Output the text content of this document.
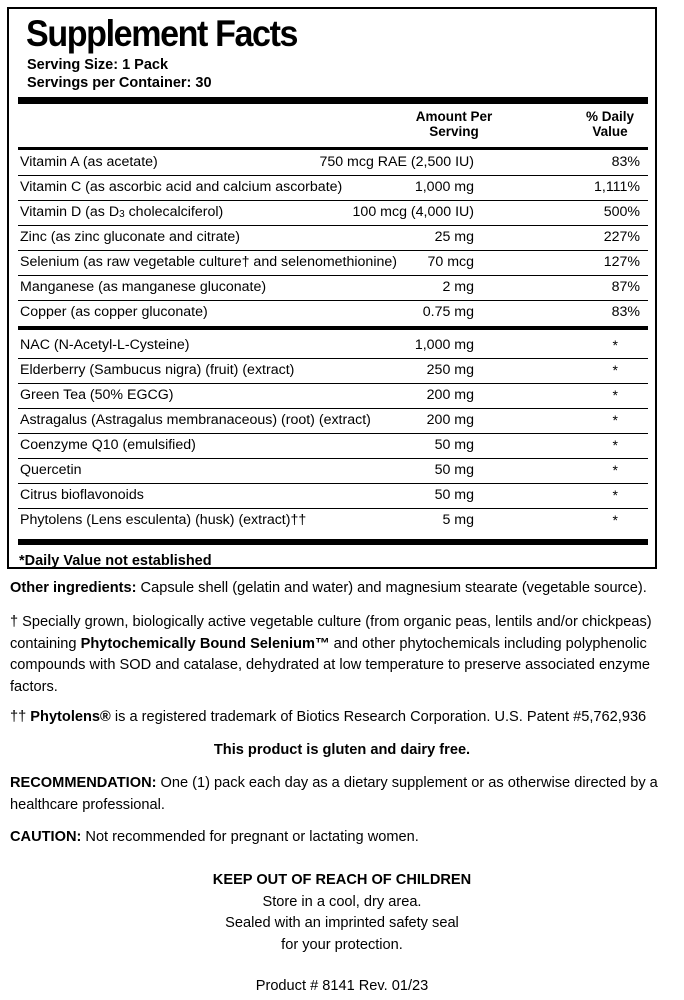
Supplement Facts
Serving Size: 1 Pack
Servings per Container: 30
Amount Per
Serving
% Daily
Value
Vitamin A (as acetate)	750 mcg RAE (2,500 IU)	83%
Vitamin C (as ascorbic acid and calcium ascorbate)	1,000 mg	1,111%
Vitamin D (as D3 cholecalciferol)	100 mcg (4,000 IU)	500%
Zinc (as zinc gluconate and citrate)	25 mg	227%
Selenium (as raw vegetable culture† and selenomethionine) 70 mcg	127%
Manganese (as manganese gluconate)	2 mg	87%
Copper (as copper gluconate)	0.75 mg	83%
NAC (N-Acetyl-L-Cysteine)	1,000 mg	*
Elderberry (Sambucus nigra) (fruit) (extract)	250 mg	*
Green Tea (50% EGCG)	200 mg	*
Astragalus (Astragalus membranaceous) (root) (extract)	200 mg	*
Coenzyme Q10 (emulsified)	50 mg	*
Quercetin	50 mg	*
Citrus bioflavonoids	50 mg	*
Phytolens (Lens esculenta) (husk) (extract)††	5 mg	*
*Daily Value not established

Other ingredients: Capsule shell (gelatin and water) and magnesium stearate (vegetable source).

† Specially grown, biologically active vegetable culture (from organic peas, lentils and/or chickpeas) containing Phytochemically Bound Selenium™ and other phytochemicals including polyphenolic compounds with SOD and catalase, dehydrated at low temperature to preserve associated enzyme factors.

†† Phytolens® is a registered trademark of Biotics Research Corporation. U.S. Patent #5,762,936

This product is gluten and dairy free.

RECOMMENDATION: One (1) pack each day as a dietary supplement or as otherwise directed by a healthcare professional.

CAUTION: Not recommended for pregnant or lactating women.

KEEP OUT OF REACH OF CHILDREN
Store in a cool, dry area.
Sealed with an imprinted safety seal
for your protection.

Product # 8141 Rev. 01/23
